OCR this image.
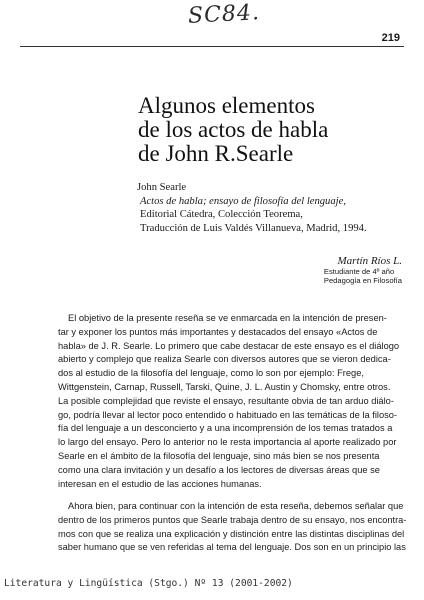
SC84.
219
Algunos elementos
de los actos de habla
de John R.Searle
John Searle
Actos de habla; ensayo de filosofía del lenguaje,
Editorial Cátedra, Colección Teorema,
Traducción de Luis Valdés Villanueva, Madrid, 1994.
Martín Ríos L.
Estudiante de 4º año
Pedagogía en Filosofía
El objetivo de la presente reseña se ve enmarcada en la intención de presen-
tar y exponer los puntos más importantes y destacados del ensayo «Actos de
habla» de J. R. Searle. Lo primero que cabe destacar de este ensayo es el diálogo
abierto y complejo que realiza Searle con diversos autores que se vieron dedica-
dos al estudio de la filosofía del lenguaje, como lo son por ejemplo: Frege,
Wittgenstein, Carnap, Russell, Tarski, Quine, J. L. Austin y Chomsky, entre otros.
La posible complejidad que reviste el ensayo, resultante obvia de tan arduo diálo-
go, podría llevar al lector poco entendido o habituado en las temáticas de la filoso-
fía del lenguaje a un desconcierto y a una incomprensión de los temas tratados a
lo largo del ensayo. Pero lo anterior no le resta importancia al aporte realizado por
Searle en el ámbito de la filosofía del lenguaje, sino más bien se nos presenta
como una clara invitación y un desafío a los lectores de diversas áreas que se
interesan en el estudio de las acciones humanas.
Ahora bien, para continuar con la intención de esta reseña, debemos señalar que
dentro de los primeros puntos que Searle trabaja dentro de su ensayo, nos encontra-
mos con que se realiza una explicación y distinción entre las distintas disciplinas del
saber humano que se ven referidas al tema del lenguaje. Dos son en un principio las
Literatura y Lingüística (Stgo.) Nº 13 (2001-2002)
